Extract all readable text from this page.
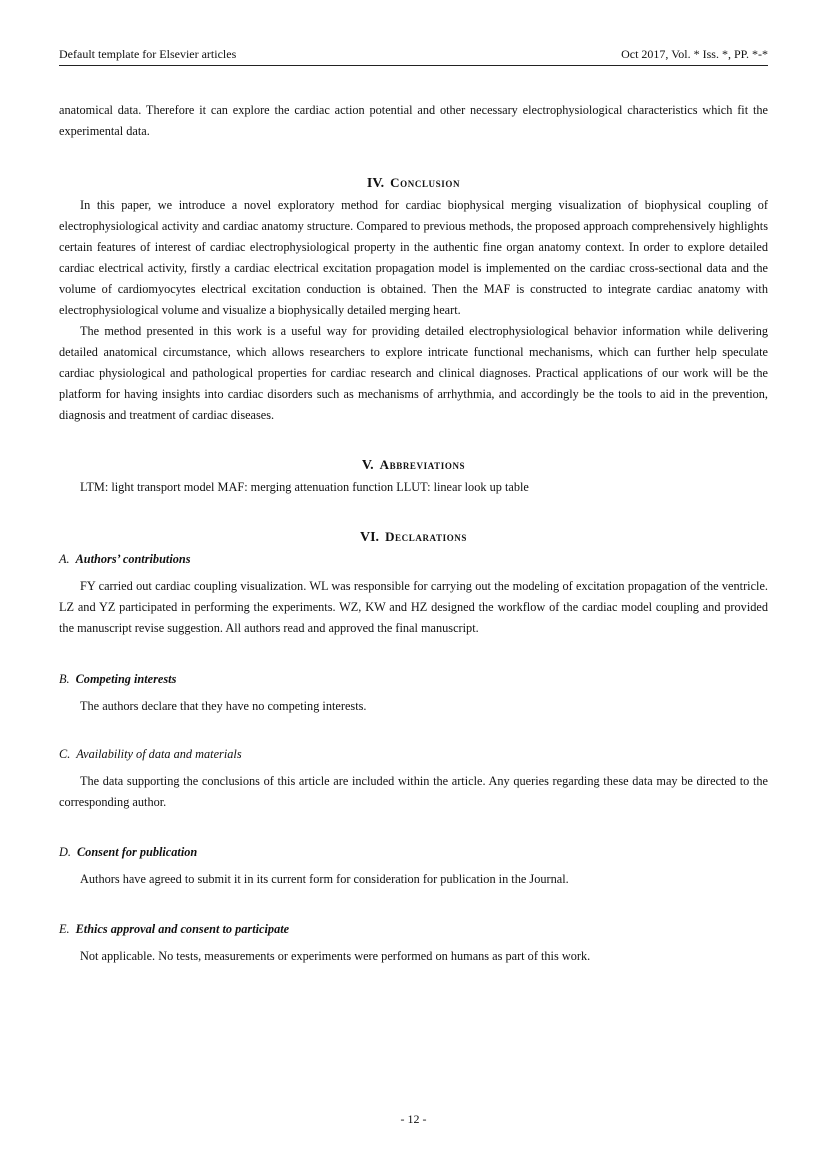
Default template for Elsevier articles	Oct 2017, Vol. * Iss. *, PP. *-*

anatomical data. Therefore it can explore the cardiac action potential and other necessary electrophysiological characteristics which fit the experimental data.

IV. Conclusion

In this paper, we introduce a novel exploratory method for cardiac biophysical merging visualization of biophysical coupling of electrophysiological activity and cardiac anatomy structure. Compared to previous methods, the proposed approach comprehensively highlights certain features of interest of cardiac electrophysiological property in the authentic fine organ anatomy context. In order to explore detailed cardiac electrical activity, firstly a cardiac electrical excitation propagation model is implemented on the cardiac cross-sectional data and the volume of cardiomyocytes electrical excitation conduction is obtained. Then the MAF is constructed to integrate cardiac anatomy with electrophysiological volume and visualize a biophysically detailed merging heart.

The method presented in this work is a useful way for providing detailed electrophysiological behavior information while delivering detailed anatomical circumstance, which allows researchers to explore intricate functional mechanisms, which can further help speculate cardiac physiological and pathological properties for cardiac research and clinical diagnoses. Practical applications of our work will be the platform for having insights into cardiac disorders such as mechanisms of arrhythmia, and accordingly be the tools to aid in the prevention, diagnosis and treatment of cardiac diseases.

V. Abbreviations

LTM: light transport model MAF: merging attenuation function LLUT: linear look up table

VI. Declarations
A. Authors’ contributions

FY carried out cardiac coupling visualization. WL was responsible for carrying out the modeling of excitation propagation of the ventricle. LZ and YZ participated in performing the experiments. WZ, KW and HZ designed the workflow of the cardiac model coupling and provided the manuscript revise suggestion. All authors read and approved the final manuscript.

B. Competing interests

The authors declare that they have no competing interests.

C. Availability of data and materials

The data supporting the conclusions of this article are included within the article. Any queries regarding these data may be directed to the corresponding author.

D. Consent for publication

Authors have agreed to submit it in its current form for consideration for publication in the Journal.

E. Ethics approval and consent to participate

Not applicable. No tests, measurements or experiments were performed on humans as part of this work.

- 12 -
